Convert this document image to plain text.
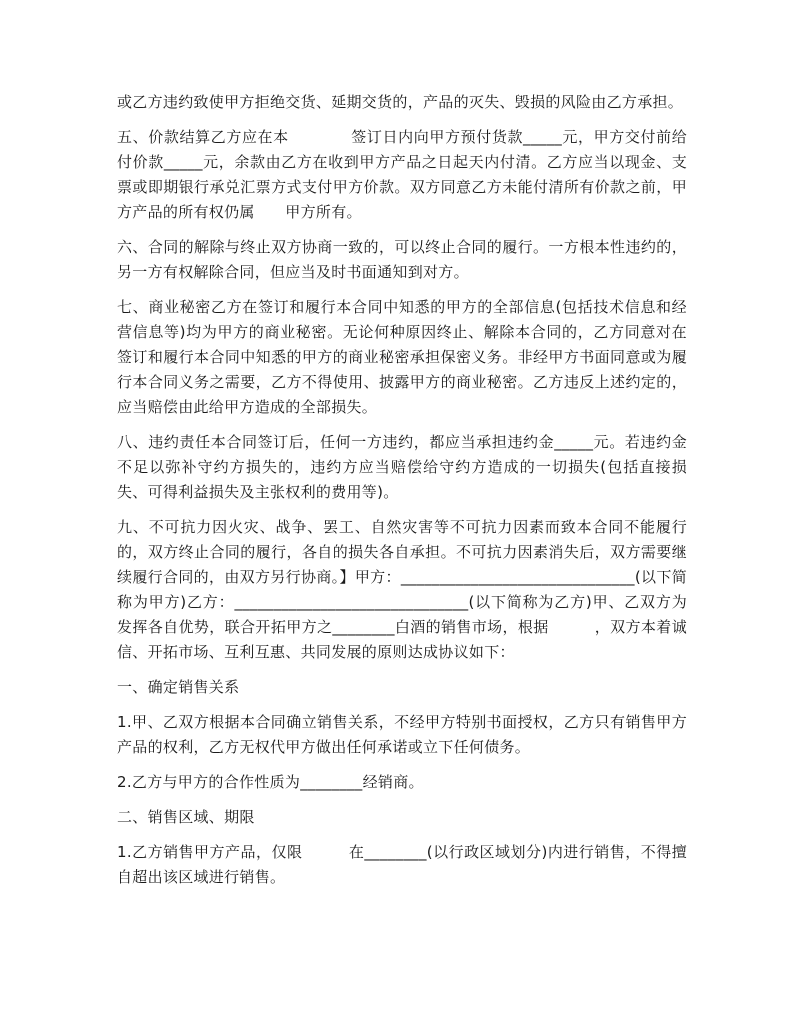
或乙方违约致使甲方拒绝交货、延期交货的，产品的灭失、毁损的风险由乙方承担。

五、价款结算乙方应在本　　　　签订日内向甲方预付货款_____元，甲方交付前给付价款_____元，余款由乙方在收到甲方产品之日起天内付清。乙方应当以现金、支票或即期银行承兑汇票方式支付甲方价款。双方同意乙方未能付清所有价款之前，甲方产品的所有权仍属　　甲方所有。

六、合同的解除与终止双方协商一致的，可以终止合同的履行。一方根本性违约的，另一方有权解除合同，但应当及时书面通知到对方。

七、商业秘密乙方在签订和履行本合同中知悉的甲方的全部信息(包括技术信息和经营信息等)均为甲方的商业秘密。无论何种原因终止、解除本合同的，乙方同意对在签订和履行本合同中知悉的甲方的商业秘密承担保密义务。非经甲方书面同意或为履行本合同义务之需要，乙方不得使用、披露甲方的商业秘密。乙方违反上述约定的，应当赔偿由此给甲方造成的全部损失。

八、违约责任本合同签订后，任何一方违约，都应当承担违约金_____元。若违约金不足以弥补守约方损失的，违约方应当赔偿给守约方造成的一切损失(包括直接损失、可得利益损失及主张权利的费用等)。

九、不可抗力因火灾、战争、罢工、自然灾害等不可抗力因素而致本合同不能履行的，双方终止合同的履行，各自的损失各自承担。不可抗力因素消失后，双方需要继续履行合同的，由双方另行协商。】甲方：______________________________(以下简称为甲方)乙方：______________________________(以下简称为乙方)甲、乙双方为发挥各自优势，联合开拓甲方之________白酒的销售市场，根据　　　，双方本着诚信、开拓市场、互利互惠、共同发展的原则达成协议如下：

一、确定销售关系

1.甲、乙双方根据本合同确立销售关系，不经甲方特别书面授权，乙方只有销售甲方产品的权利，乙方无权代甲方做出任何承诺或立下任何债务。

2.乙方与甲方的合作性质为________经销商。

二、销售区域、期限

1.乙方销售甲方产品，仅限　　　在________(以行政区域划分)内进行销售，不得擅自超出该区域进行销售。
